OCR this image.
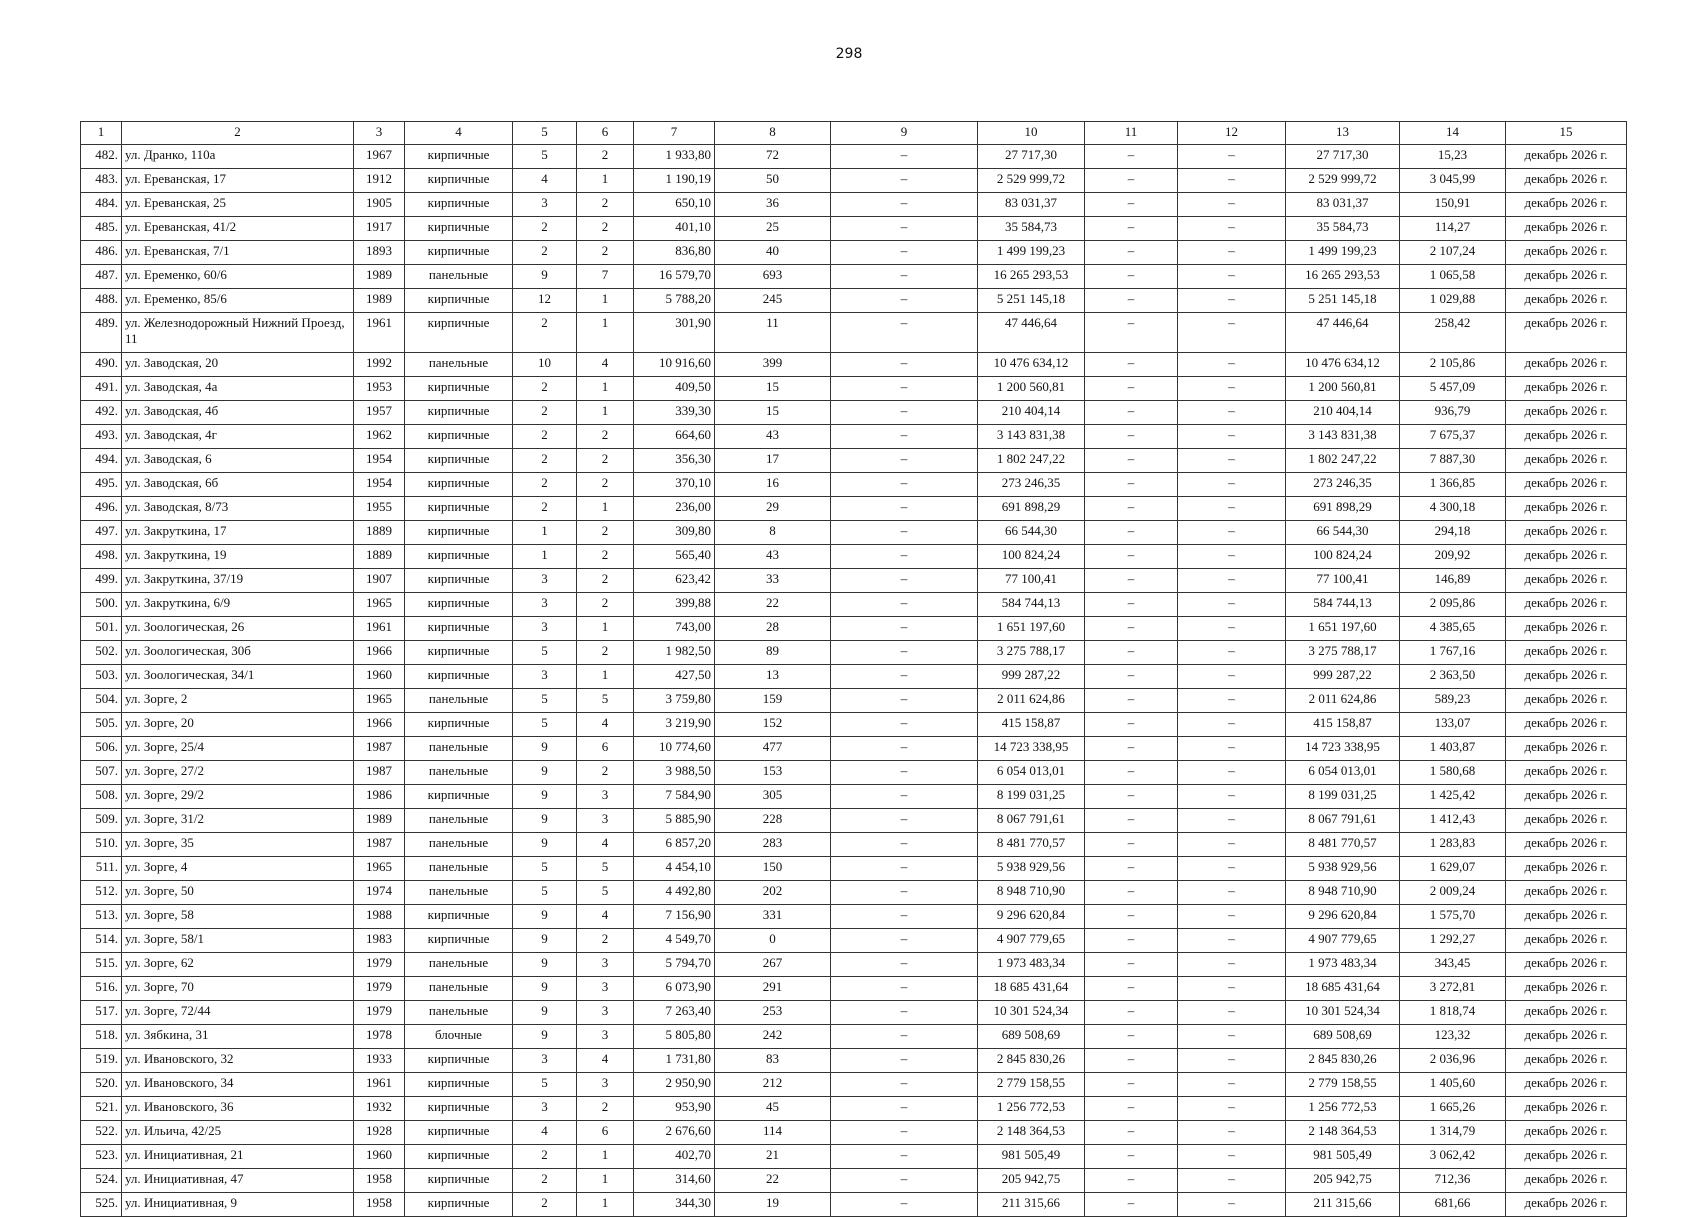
298
1	2	3	4	5	6	7	8	9	10	11	12	13	14	15
482.	ул. Дранко, 110а	1967	кирпичные	5	2	1 933,80	72	–	27 717,30	–	–	27 717,30	15,23	декабрь 2026 г.
483.	ул. Ереванская, 17	1912	кирпичные	4	1	1 190,19	50	–	2 529 999,72	–	–	2 529 999,72	3 045,99	декабрь 2026 г.
484.	ул. Ереванская, 25	1905	кирпичные	3	2	650,10	36	–	83 031,37	–	–	83 031,37	150,91	декабрь 2026 г.
485.	ул. Ереванская, 41/2	1917	кирпичные	2	2	401,10	25	–	35 584,73	–	–	35 584,73	114,27	декабрь 2026 г.
486.	ул. Ереванская, 7/1	1893	кирпичные	2	2	836,80	40	–	1 499 199,23	–	–	1 499 199,23	2 107,24	декабрь 2026 г.
487.	ул. Еременко, 60/6	1989	панельные	9	7	16 579,70	693	–	16 265 293,53	–	–	16 265 293,53	1 065,58	декабрь 2026 г.
488.	ул. Еременко, 85/6	1989	кирпичные	12	1	5 788,20	245	–	5 251 145,18	–	–	5 251 145,18	1 029,88	декабрь 2026 г.
489.	ул. Железнодорожный Нижний Проезд, 11	1961	кирпичные	2	1	301,90	11	–	47 446,64	–	–	47 446,64	258,42	декабрь 2026 г.
490.	ул. Заводская, 20	1992	панельные	10	4	10 916,60	399	–	10 476 634,12	–	–	10 476 634,12	2 105,86	декабрь 2026 г.
491.	ул. Заводская, 4а	1953	кирпичные	2	1	409,50	15	–	1 200 560,81	–	–	1 200 560,81	5 457,09	декабрь 2026 г.
492.	ул. Заводская, 4б	1957	кирпичные	2	1	339,30	15	–	210 404,14	–	–	210 404,14	936,79	декабрь 2026 г.
493.	ул. Заводская, 4г	1962	кирпичные	2	2	664,60	43	–	3 143 831,38	–	–	3 143 831,38	7 675,37	декабрь 2026 г.
494.	ул. Заводская, 6	1954	кирпичные	2	2	356,30	17	–	1 802 247,22	–	–	1 802 247,22	7 887,30	декабрь 2026 г.
495.	ул. Заводская, 6б	1954	кирпичные	2	2	370,10	16	–	273 246,35	–	–	273 246,35	1 366,85	декабрь 2026 г.
496.	ул. Заводская, 8/73	1955	кирпичные	2	1	236,00	29	–	691 898,29	–	–	691 898,29	4 300,18	декабрь 2026 г.
497.	ул. Закруткина, 17	1889	кирпичные	1	2	309,80	8	–	66 544,30	–	–	66 544,30	294,18	декабрь 2026 г.
498.	ул. Закруткина, 19	1889	кирпичные	1	2	565,40	43	–	100 824,24	–	–	100 824,24	209,92	декабрь 2026 г.
499.	ул. Закруткина, 37/19	1907	кирпичные	3	2	623,42	33	–	77 100,41	–	–	77 100,41	146,89	декабрь 2026 г.
500.	ул. Закруткина, 6/9	1965	кирпичные	3	2	399,88	22	–	584 744,13	–	–	584 744,13	2 095,86	декабрь 2026 г.
501.	ул. Зоологическая, 26	1961	кирпичные	3	1	743,00	28	–	1 651 197,60	–	–	1 651 197,60	4 385,65	декабрь 2026 г.
502.	ул. Зоологическая, 30б	1966	кирпичные	5	2	1 982,50	89	–	3 275 788,17	–	–	3 275 788,17	1 767,16	декабрь 2026 г.
503.	ул. Зоологическая, 34/1	1960	кирпичные	3	1	427,50	13	–	999 287,22	–	–	999 287,22	2 363,50	декабрь 2026 г.
504.	ул. Зорге, 2	1965	панельные	5	5	3 759,80	159	–	2 011 624,86	–	–	2 011 624,86	589,23	декабрь 2026 г.
505.	ул. Зорге, 20	1966	кирпичные	5	4	3 219,90	152	–	415 158,87	–	–	415 158,87	133,07	декабрь 2026 г.
506.	ул. Зорге, 25/4	1987	панельные	9	6	10 774,60	477	–	14 723 338,95	–	–	14 723 338,95	1 403,87	декабрь 2026 г.
507.	ул. Зорге, 27/2	1987	панельные	9	2	3 988,50	153	–	6 054 013,01	–	–	6 054 013,01	1 580,68	декабрь 2026 г.
508.	ул. Зорге, 29/2	1986	кирпичные	9	3	7 584,90	305	–	8 199 031,25	–	–	8 199 031,25	1 425,42	декабрь 2026 г.
509.	ул. Зорге, 31/2	1989	панельные	9	3	5 885,90	228	–	8 067 791,61	–	–	8 067 791,61	1 412,43	декабрь 2026 г.
510.	ул. Зорге, 35	1987	панельные	9	4	6 857,20	283	–	8 481 770,57	–	–	8 481 770,57	1 283,83	декабрь 2026 г.
511.	ул. Зорге, 4	1965	панельные	5	5	4 454,10	150	–	5 938 929,56	–	–	5 938 929,56	1 629,07	декабрь 2026 г.
512.	ул. Зорге, 50	1974	панельные	5	5	4 492,80	202	–	8 948 710,90	–	–	8 948 710,90	2 009,24	декабрь 2026 г.
513.	ул. Зорге, 58	1988	кирпичные	9	4	7 156,90	331	–	9 296 620,84	–	–	9 296 620,84	1 575,70	декабрь 2026 г.
514.	ул. Зорге, 58/1	1983	кирпичные	9	2	4 549,70	0	–	4 907 779,65	–	–	4 907 779,65	1 292,27	декабрь 2026 г.
515.	ул. Зорге, 62	1979	панельные	9	3	5 794,70	267	–	1 973 483,34	–	–	1 973 483,34	343,45	декабрь 2026 г.
516.	ул. Зорге, 70	1979	панельные	9	3	6 073,90	291	–	18 685 431,64	–	–	18 685 431,64	3 272,81	декабрь 2026 г.
517.	ул. Зорге, 72/44	1979	панельные	9	3	7 263,40	253	–	10 301 524,34	–	–	10 301 524,34	1 818,74	декабрь 2026 г.
518.	ул. Зябкина, 31	1978	блочные	9	3	5 805,80	242	–	689 508,69	–	–	689 508,69	123,32	декабрь 2026 г.
519.	ул. Ивановского, 32	1933	кирпичные	3	4	1 731,80	83	–	2 845 830,26	–	–	2 845 830,26	2 036,96	декабрь 2026 г.
520.	ул. Ивановского, 34	1961	кирпичные	5	3	2 950,90	212	–	2 779 158,55	–	–	2 779 158,55	1 405,60	декабрь 2026 г.
521.	ул. Ивановского, 36	1932	кирпичные	3	2	953,90	45	–	1 256 772,53	–	–	1 256 772,53	1 665,26	декабрь 2026 г.
522.	ул. Ильича, 42/25	1928	кирпичные	4	6	2 676,60	114	–	2 148 364,53	–	–	2 148 364,53	1 314,79	декабрь 2026 г.
523.	ул. Инициативная, 21	1960	кирпичные	2	1	402,70	21	–	981 505,49	–	–	981 505,49	3 062,42	декабрь 2026 г.
524.	ул. Инициативная, 47	1958	кирпичные	2	1	314,60	22	–	205 942,75	–	–	205 942,75	712,36	декабрь 2026 г.
525.	ул. Инициативная, 9	1958	кирпичные	2	1	344,30	19	–	211 315,66	–	–	211 315,66	681,66	декабрь 2026 г.
